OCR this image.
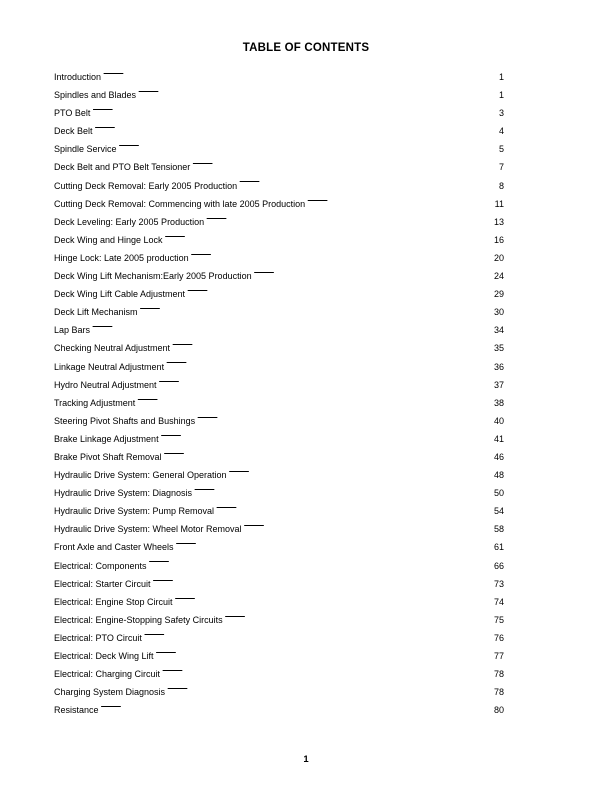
TABLE OF CONTENTS
Introduction . . .	1
Spindles and Blades . . .	1
PTO Belt . . .	3
Deck Belt . . .	4
Spindle Service . . .	5
Deck Belt and PTO Belt Tensioner . . .	7
Cutting Deck Removal: Early 2005 Production . . .	8
Cutting Deck Removal: Commencing with late 2005 Production . . .	11
Deck Leveling: Early 2005 Production . . .	13
Deck Wing and Hinge Lock . . .	16
Hinge Lock: Late 2005 production . . .	20
Deck Wing Lift Mechanism:Early 2005 Production . . .	24
Deck Wing Lift Cable Adjustment . . .	29
Deck Lift Mechanism . . .	30
Lap Bars . . .	34
Checking Neutral Adjustment . . .	35
Linkage Neutral Adjustment . . .	36
Hydro Neutral Adjustment . . .	37
Tracking Adjustment . . .	38
Steering Pivot Shafts and Bushings . . .	40
Brake Linkage Adjustment . . .	41
Brake Pivot Shaft Removal . . .	46
Hydraulic Drive System: General Operation . . .	48
Hydraulic Drive System: Diagnosis . . .	50
Hydraulic Drive System: Pump Removal . . .	54
Hydraulic Drive System: Wheel Motor Removal . . .	58
Front Axle and Caster Wheels . . .	61
Electrical: Components . . .	66
Electrical: Starter Circuit . . .	73
Electrical: Engine Stop Circuit . . .	74
Electrical: Engine-Stopping Safety Circuits . . .	75
Electrical: PTO Circuit . . .	76
Electrical: Deck Wing Lift . . .	77
Electrical: Charging Circuit . . .	78
Charging System Diagnosis . . .	78
Resistance . . .	80
1
